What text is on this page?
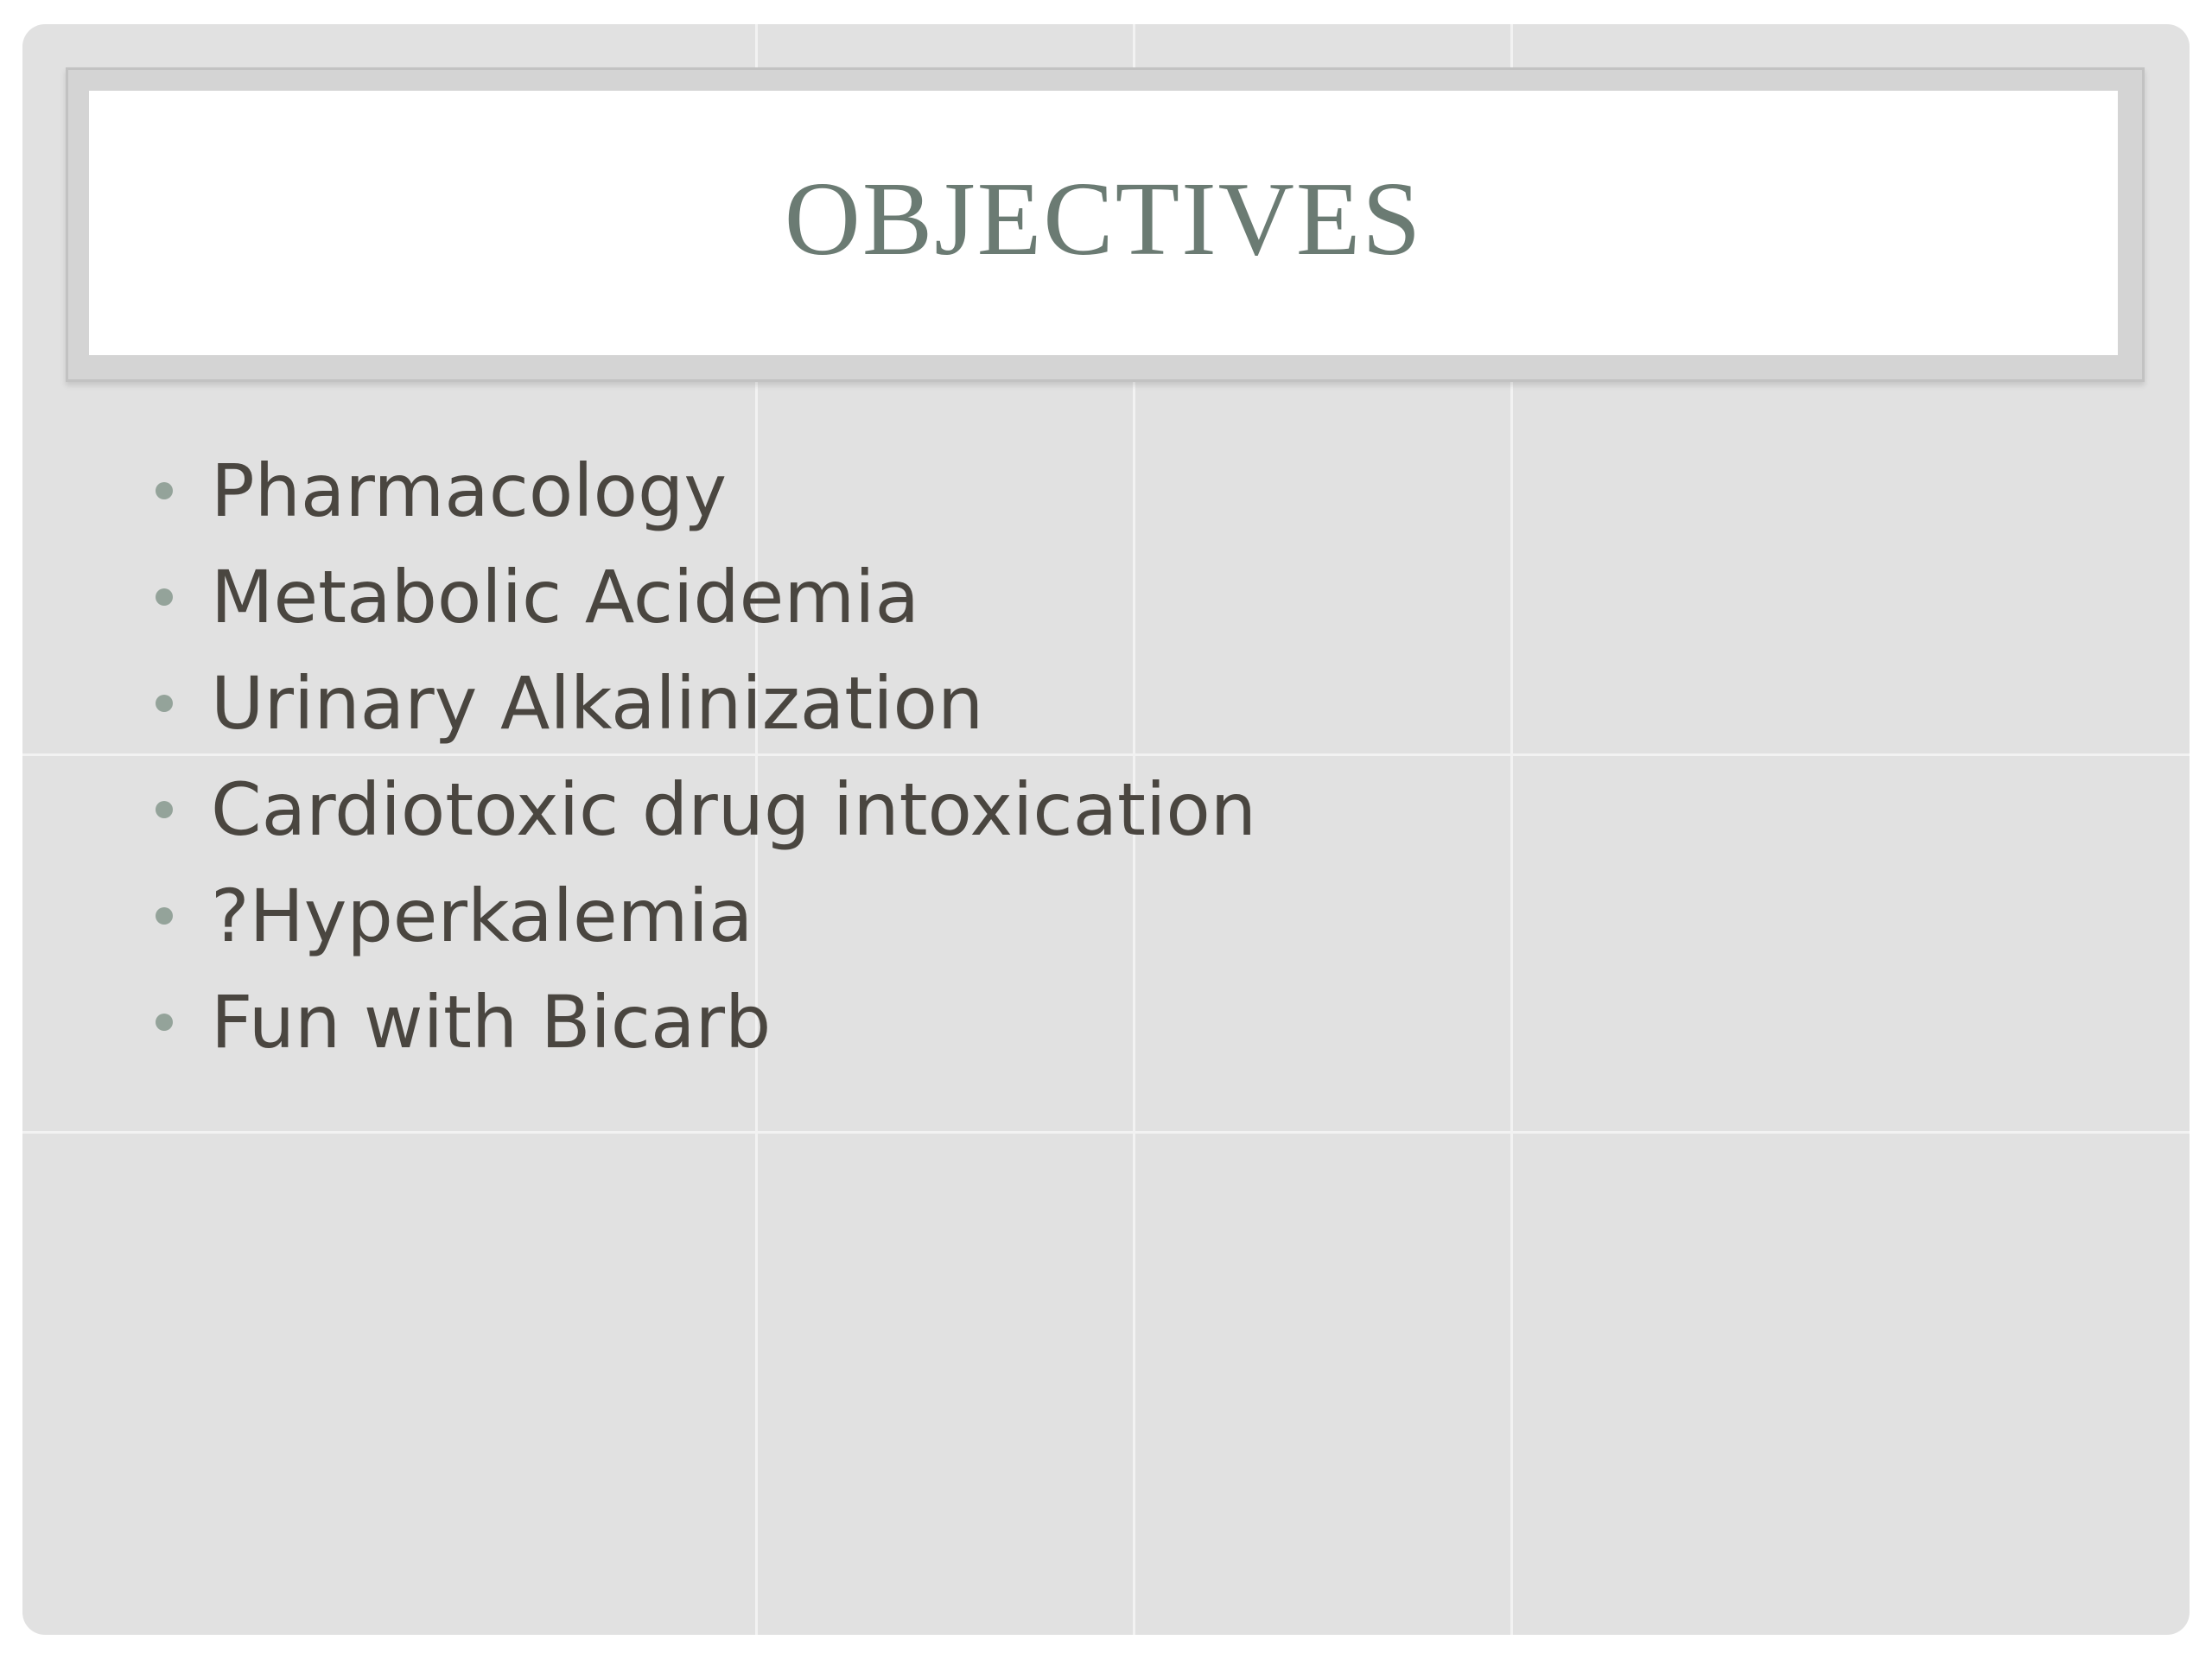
OBJECTIVES
Pharmacology
Metabolic Acidemia
Urinary Alkalinization
Cardiotoxic drug intoxication
?Hyperkalemia
Fun with Bicarb
